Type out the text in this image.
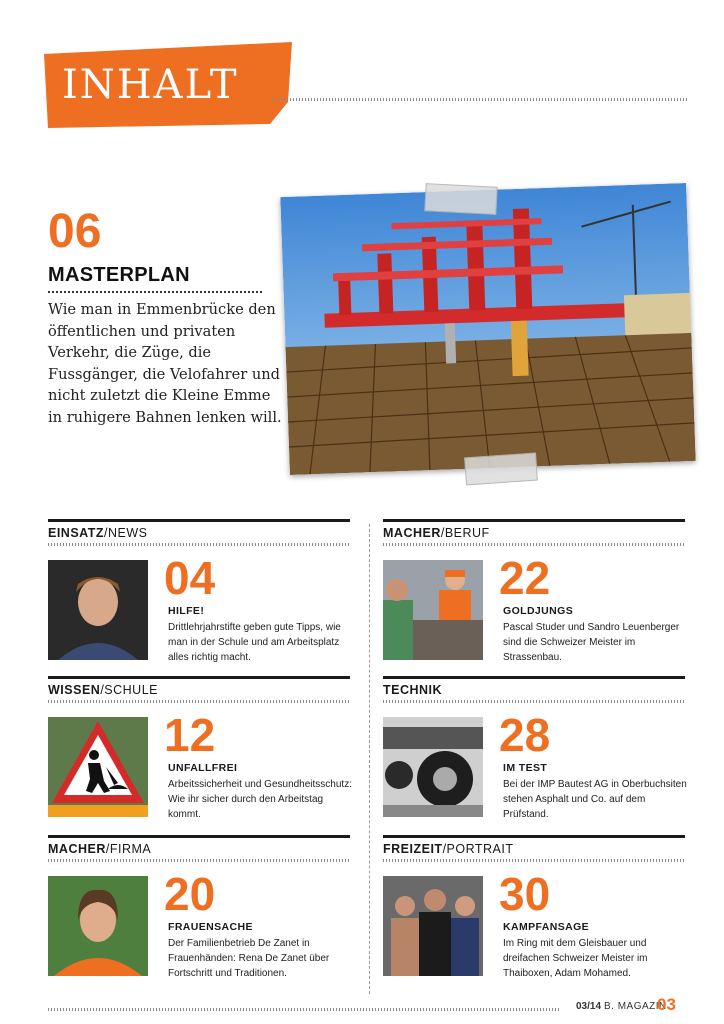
INHALT
06
MASTERPLAN
Wie man in Emmenbrücke den öffentlichen und privaten Verkehr, die Züge, die Fussgänger, die Velofahrer und nicht zuletzt die Kleine Emme in ruhigere Bahnen lenken will.
EINSATZ/NEWS
04
HILFE!
Drittlehrjahrstifte geben gute Tipps, wie man in der Schule und am Arbeitsplatz alles richtig macht.
MACHER/BERUF
22
GOLDJUNGS
Pascal Studer und Sandro Leuenberger sind die Schweizer Meister im Strassenbau.
WISSEN/SCHULE
12
UNFALLFREI
Arbeitssicherheit und Gesundheitsschutz: Wie ihr sicher durch den Arbeitstag kommt.
TECHNIK
28
IM TEST
Bei der IMP Bautest AG in Oberbuchsiten stehen Asphalt und Co. auf dem Prüfstand.
MACHER/FIRMA
20
FRAUENSACHE
Der Familienbetrieb De Zanet in Frauenhänden: Rena De Zanet über Fortschritt und Traditionen.
FREIZEIT/PORTRAIT
30
KAMPFANSAGE
Im Ring mit dem Gleisbauer und dreifachen Schweizer Meister im Thaiboxen, Adam Mohamed.
03/14 B. MAGAZIN
03
